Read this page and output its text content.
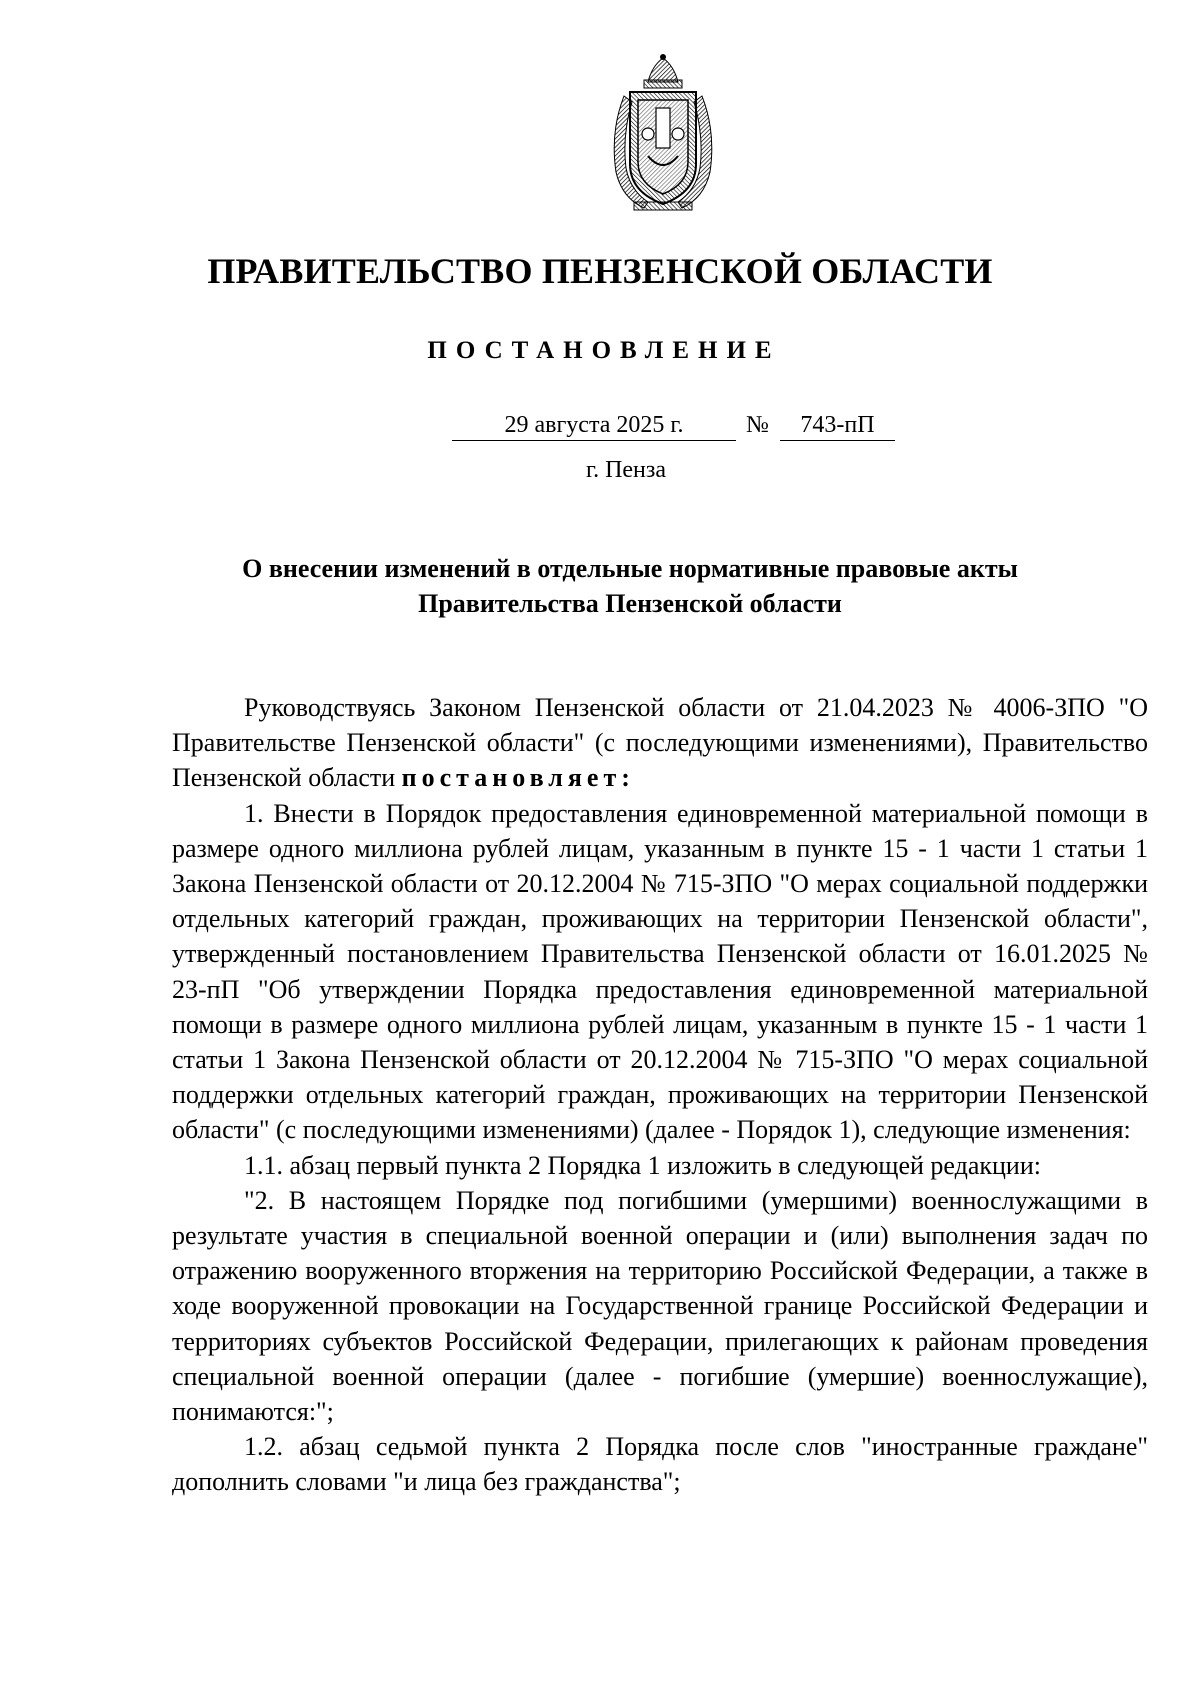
ПРАВИТЕЛЬСТВО ПЕНЗЕНСКОЙ ОБЛАСТИ
ПОСТАНОВЛЕНИЕ
29 августа 2025 г.	№	743-пП

г. Пенза

О внесении изменений в отдельные нормативные правовые акты
Правительства Пензенской области

Руководствуясь Законом Пензенской области от 21.04.2023 № 4006-ЗПО "О Правительстве Пензенской области" (с последующими изменениями), Правительство Пензенской области постановляет:

1. Внести в Порядок предоставления единовременной материальной помощи в размере одного миллиона рублей лицам, указанным в пункте 15 - 1 части 1 статьи 1 Закона Пензенской области от 20.12.2004 № 715-ЗПО "О мерах социальной поддержки отдельных категорий граждан, проживающих на территории Пензенской области", утвержденный постановлением Правительства Пензенской области от 16.01.2025 № 23-пП "Об утверждении Порядка предоставления единовременной материальной помощи в размере одного миллиона рублей лицам, указанным в пункте 15 - 1 части 1 статьи 1 Закона Пензенской области от 20.12.2004 № 715-ЗПО "О мерах социальной поддержки отдельных категорий граждан, проживающих на территории Пензенской области" (с последующими изменениями) (далее - Порядок 1), следующие изменения:

1.1. абзац первый пункта 2 Порядка 1 изложить в следующей редакции:

"2. В настоящем Порядке под погибшими (умершими) военнослужащими в результате участия в специальной военной операции и (или) выполнения задач по отражению вооруженного вторжения на территорию Российской Федерации, а также в ходе вооруженной провокации на Государственной границе Российской Федерации и территориях субъектов Российской Федерации, прилегающих к районам проведения специальной военной операции (далее - погибшие (умершие) военнослужащие), понимаются:";

1.2. абзац седьмой пункта 2 Порядка после слов "иностранные граждане" дополнить словами "и лица без гражданства";
